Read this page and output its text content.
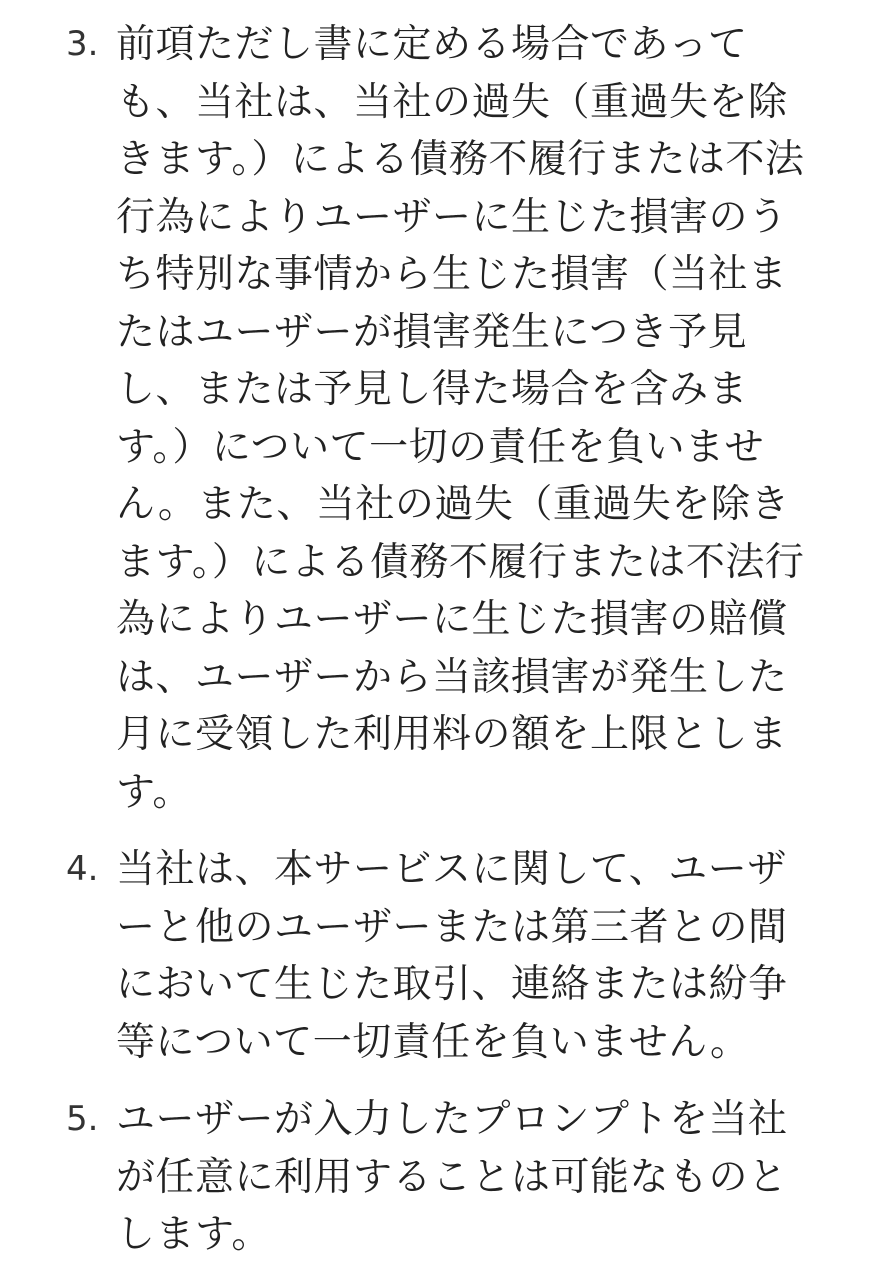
3. 前項ただし書に定める場合であっても、当社は、当社の過失（重過失を除きます。）による債務不履行または不法行為によりユーザーに生じた損害のうち特別な事情から生じた損害（当社またはユーザーが損害発生につき予見し、または予見し得た場合を含みます。）について一切の責任を負いません。また、当社の過失（重過失を除きます。）による債務不履行または不法行為によりユーザーに生じた損害の賠償は、ユーザーから当該損害が発生した月に受領した利用料の額を上限とします。
4. 当社は、本サービスに関して、ユーザーと他のユーザーまたは第三者との間において生じた取引、連絡または紛争等について一切責任を負いません。
5. ユーザーが入力したプロンプトを当社が任意に利用することは可能なものとします。
